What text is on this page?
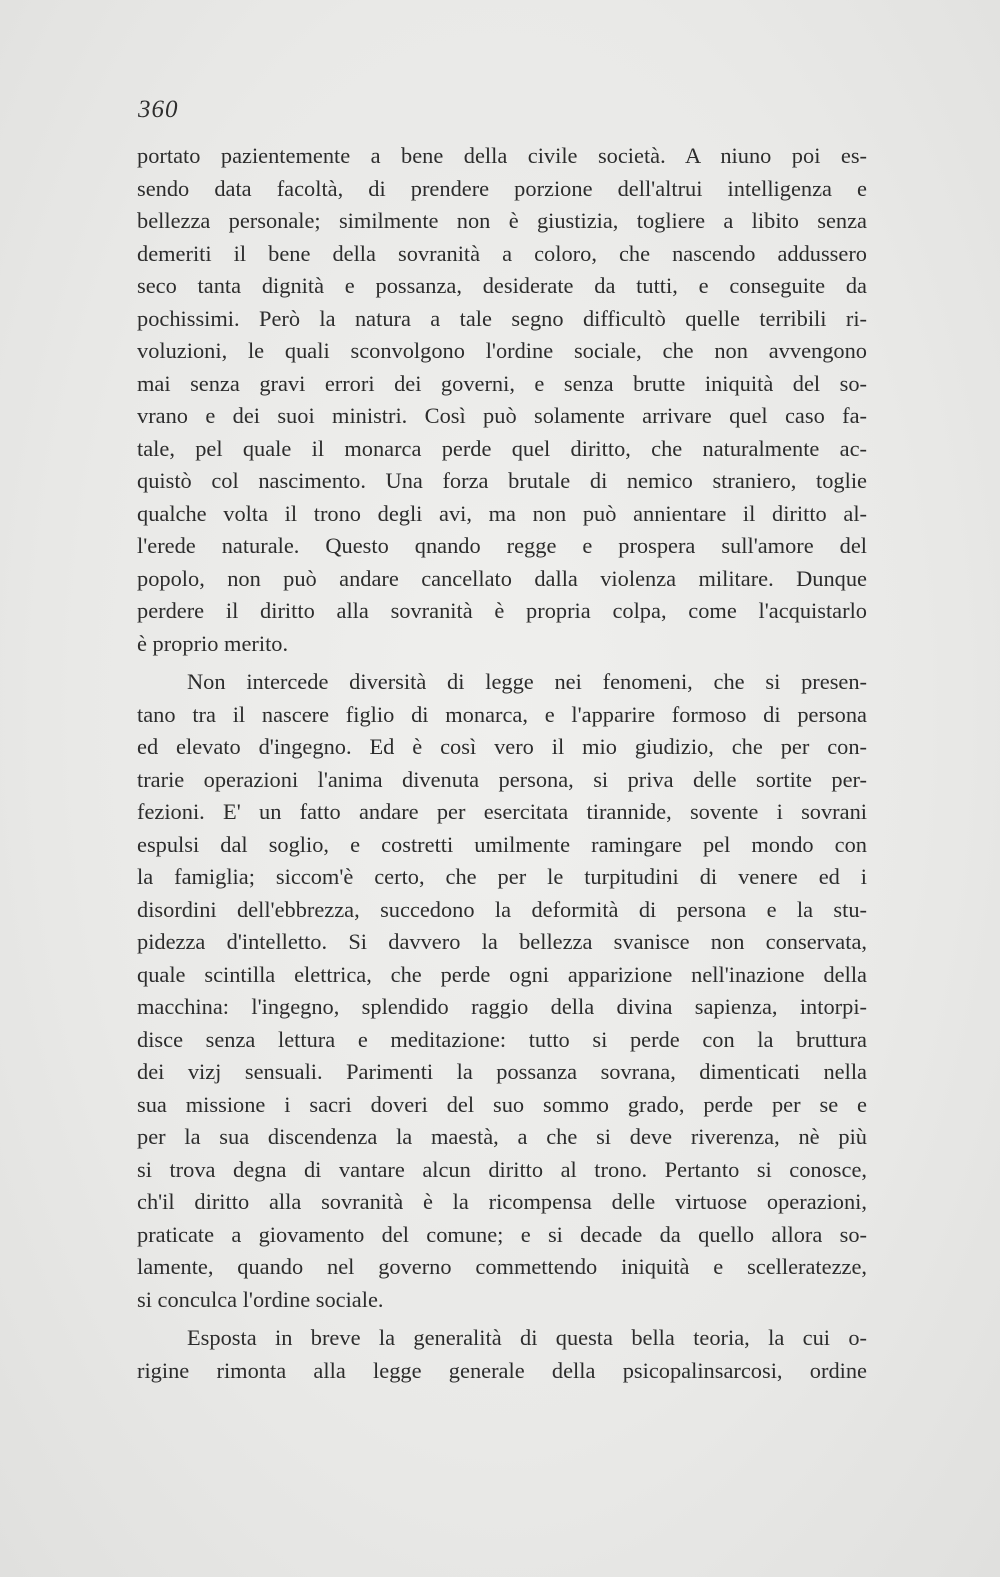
360
portato pazientemente a bene della civile società. A niuno poi es-
sendo data facoltà, di prendere porzione dell'altrui intelligenza e
bellezza personale; similmente non è giustizia, togliere a libito senza
demeriti il bene della sovranità a coloro, che nascendo addussero
seco tanta dignità e possanza, desiderate da tutti, e conseguite da
pochissimi. Però la natura a tale segno difficultò quelle terribili ri-
voluzioni, le quali sconvolgono l'ordine sociale, che non avvengono
mai senza gravi errori dei governi, e senza brutte iniquità del so-
vrano e dei suoi ministri. Così può solamente arrivare quel caso fa-
tale, pel quale il monarca perde quel diritto, che naturalmente ac-
quistò col nascimento. Una forza brutale di nemico straniero, toglie
qualche volta il trono degli avi, ma non può annientare il diritto al-
l'erede naturale. Questo qnando regge e prospera sull'amore del
popolo, non può andare cancellato dalla violenza militare. Dunque
perdere il diritto alla sovranità è propria colpa, come l'acquistarlo
è proprio merito.
Non intercede diversità di legge nei fenomeni, che si presen-
tano tra il nascere figlio di monarca, e l'apparire formoso di persona
ed elevato d'ingegno. Ed è così vero il mio giudizio, che per con-
trarie operazioni l'anima divenuta persona, si priva delle sortite per-
fezioni. E' un fatto andare per esercitata tirannide, sovente i sovrani
espulsi dal soglio, e costretti umilmente ramingare pel mondo con
la famiglia; siccom'è certo, che per le turpitudini di venere ed i
disordini dell'ebbrezza, succedono la deformità di persona e la stu-
pidezza d'intelletto. Si davvero la bellezza svanisce non conservata,
quale scintilla elettrica, che perde ogni apparizione nell'inazione della
macchina: l'ingegno, splendido raggio della divina sapienza, intorpi-
disce senza lettura e meditazione: tutto si perde con la bruttura
dei vizj sensuali. Parimenti la possanza sovrana, dimenticati nella
sua missione i sacri doveri del suo sommo grado, perde per se e
per la sua discendenza la maestà, a che si deve riverenza, nè più
si trova degna di vantare alcun diritto al trono. Pertanto si conosce,
ch'il diritto alla sovranità è la ricompensa delle virtuose operazioni,
praticate a giovamento del comune; e si decade da quello allora so-
lamente, quando nel governo commettendo iniquità e scelleratezze,
si conculca l'ordine sociale.
Esposta in breve la generalità di questa bella teoria, la cui o-
rigine rimonta alla legge generale della psicopalinsarcosi, ordine
